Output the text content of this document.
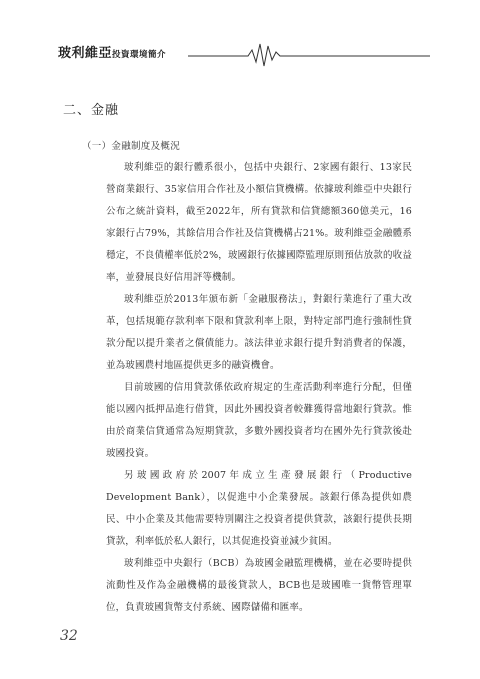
玻利維亞投資環境簡介
二、金融
（一）金融制度及概況

玻利維亞的銀行體系很小，包括中央銀行、2家國有銀行、13家民營商業銀行、35家信用合作社及小額信貸機構。依據玻利維亞中央銀行公布之統計資料，截至2022年，所有貸款和信貸總額360億美元，16家銀行占79%，其餘信用合作社及信貸機構占21%。玻利維亞金融體系穩定，不良債權率低於2%，玻國銀行依據國際監理原則預估放款的收益率，並發展良好信用評等機制。

玻利維亞於2013年頒布新「金融服務法」，對銀行業進行了重大改革，包括規範存款利率下限和貸款利率上限，對特定部門進行強制性貸款分配以提升業者之償債能力。該法律並求銀行提升對消費者的保護，並為玻國農村地區提供更多的融資機會。

目前玻國的信用貸款係依政府規定的生產活動利率進行分配，但僅能以國內抵押品進行借貸，因此外國投資者較難獲得當地銀行貸款。惟由於商業信貸通常為短期貸款，多數外國投資者均在國外先行貸款後赴玻國投資。

另玻國政府於2007年成立生產發展銀行（Productive Development Bank），以促進中小企業發展。該銀行係為提供如農民、中小企業及其他需要特別關注之投資者提供貸款，該銀行提供長期貸款，利率低於私人銀行，以其促進投資並減少貧困。

玻利維亞中央銀行（BCB）為玻國金融監理機構，並在必要時提供流動性及作為金融機構的最後貸款人，BCB也是玻國唯一貨幣管理單位，負責玻國貨幣支付系統、國際儲備和匯率。

32
